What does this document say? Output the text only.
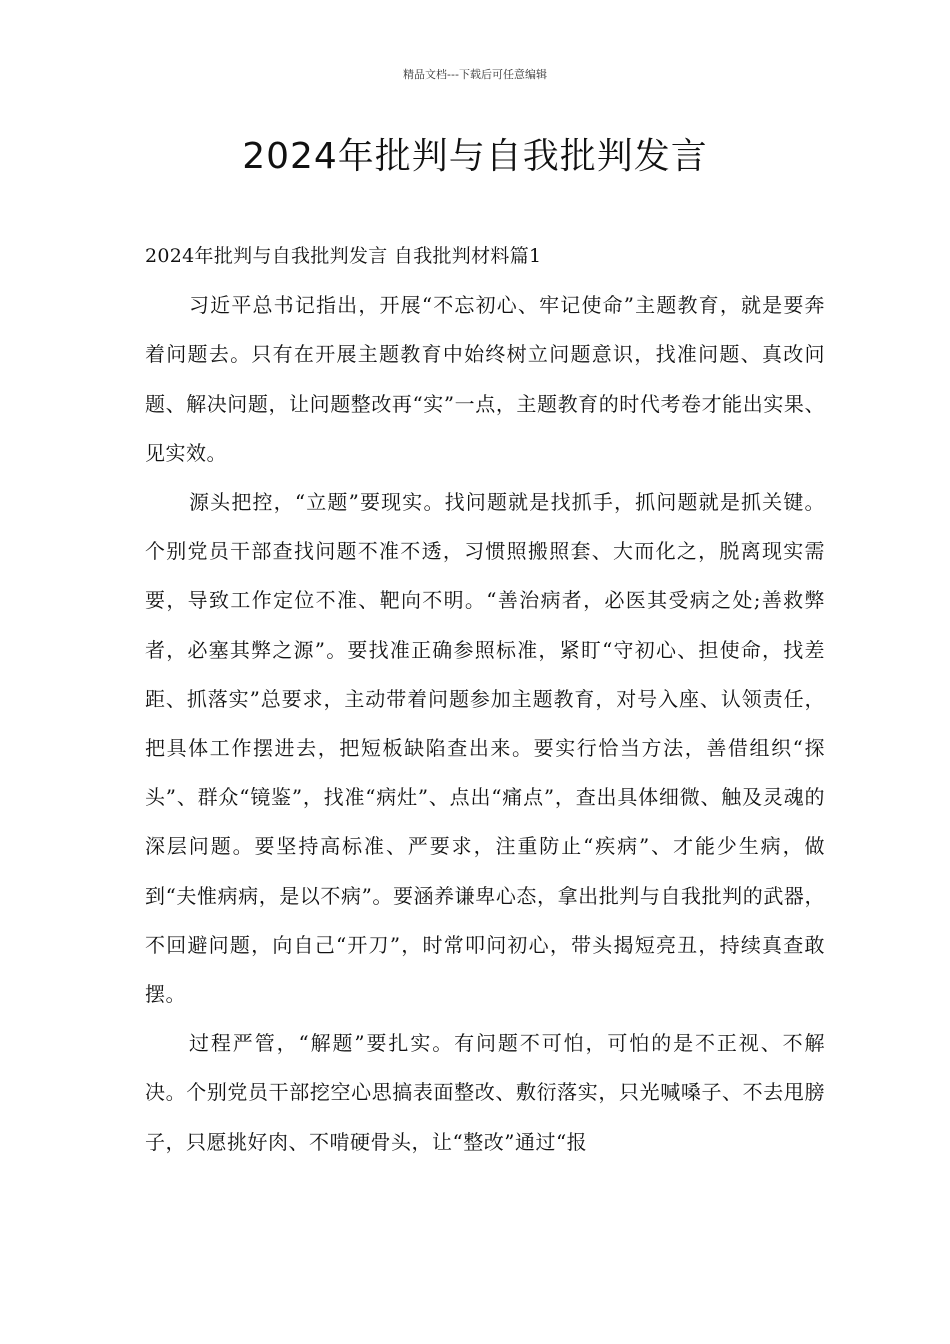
精品文档---下载后可任意编辑
2024年批判与自我批判发言

2024年批判与自我批判发言 自我批判材料篇1

习近平总书记指出，开展“不忘初心、牢记使命”主题教育，就是要奔着问题去。只有在开展主题教育中始终树立问题意识，找准问题、真改问题、解决问题，让问题整改再“实”一点，主题教育的时代考卷才能出实果、见实效。

源头把控，“立题”要现实。找问题就是找抓手，抓问题就是抓关键。个别党员干部查找问题不准不透，习惯照搬照套、大而化之，脱离现实需要，导致工作定位不准、靶向不明。“善治病者，必医其受病之处;善救弊者，必塞其弊之源”。要找准正确参照标准，紧盯“守初心、担使命，找差距、抓落实”总要求，主动带着问题参加主题教育，对号入座、认领责任，把具体工作摆进去，把短板缺陷查出来。要实行恰当方法，善借组织“探头”、群众“镜鉴”，找准“病灶”、点出“痛点”，查出具体细微、触及灵魂的深层问题。要坚持高标准、严要求，注重防止“疾病”、才能少生病，做到“夫惟病病，是以不病”。要涵养谦卑心态，拿出批判与自我批判的武器，不回避问题，向自己“开刀”，时常叩问初心，带头揭短亮丑，持续真查敢摆。

过程严管，“解题”要扎实。有问题不可怕，可怕的是不正视、不解决。个别党员干部挖空心思搞表面整改、敷衍落实，只光喊嗓子、不去甩膀子，只愿挑好肉、不啃硬骨头，让“整改”通过“报
